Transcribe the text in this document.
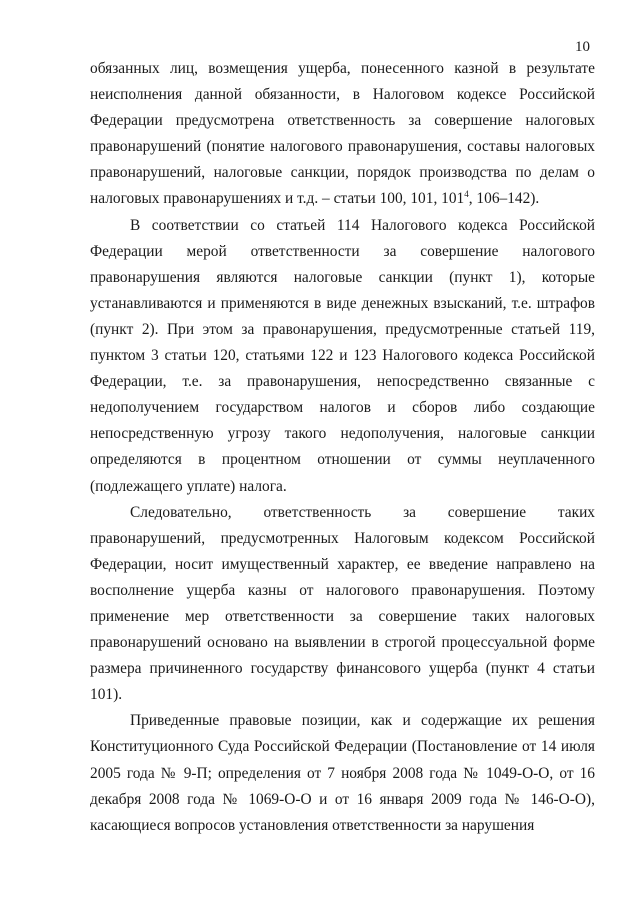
10

обязанных лиц, возмещения ущерба, понесенного казной в результате неисполнения данной обязанности, в Налоговом кодексе Российской Федерации предусмотрена ответственность за совершение налоговых правонарушений (понятие налогового правонарушения, составы налоговых правонарушений, налоговые санкции, порядок производства по делам о налоговых правонарушениях и т.д. – статьи 100, 101, $101^4$, 106–142).

В соответствии со статьей 114 Налогового кодекса Российской Федерации мерой ответственности за совершение налогового правонарушения являются налоговые санкции (пункт 1), которые устанавливаются и применяются в виде денежных взысканий, т.е. штрафов (пункт 2). При этом за правонарушения, предусмотренные статьей 119, пунктом 3 статьи 120, статьями 122 и 123 Налогового кодекса Российской Федерации, т.е. за правонарушения, непосредственно связанные с недополучением государством налогов и сборов либо создающие непосредственную угрозу такого недополучения, налоговые санкции определяются в процентном отношении от суммы неуплаченного (подлежащего уплате) налога.

Следовательно, ответственность за совершение таких правонарушений, предусмотренных Налоговым кодексом Российской Федерации, носит имущественный характер, ее введение направлено на восполнение ущерба казны от налогового правонарушения. Поэтому применение мер ответственности за совершение таких налоговых правонарушений основано на выявлении в строгой процессуальной форме размера причиненного государству финансового ущерба (пункт 4 статьи 101).

Приведенные правовые позиции, как и содержащие их решения Конституционного Суда Российской Федерации (Постановление от 14 июля 2005 года № 9-П; определения от 7 ноября 2008 года № 1049-О-О, от 16 декабря 2008 года № 1069-О-О и от 16 января 2009 года № 146-О-О), касающиеся вопросов установления ответственности за нарушения
